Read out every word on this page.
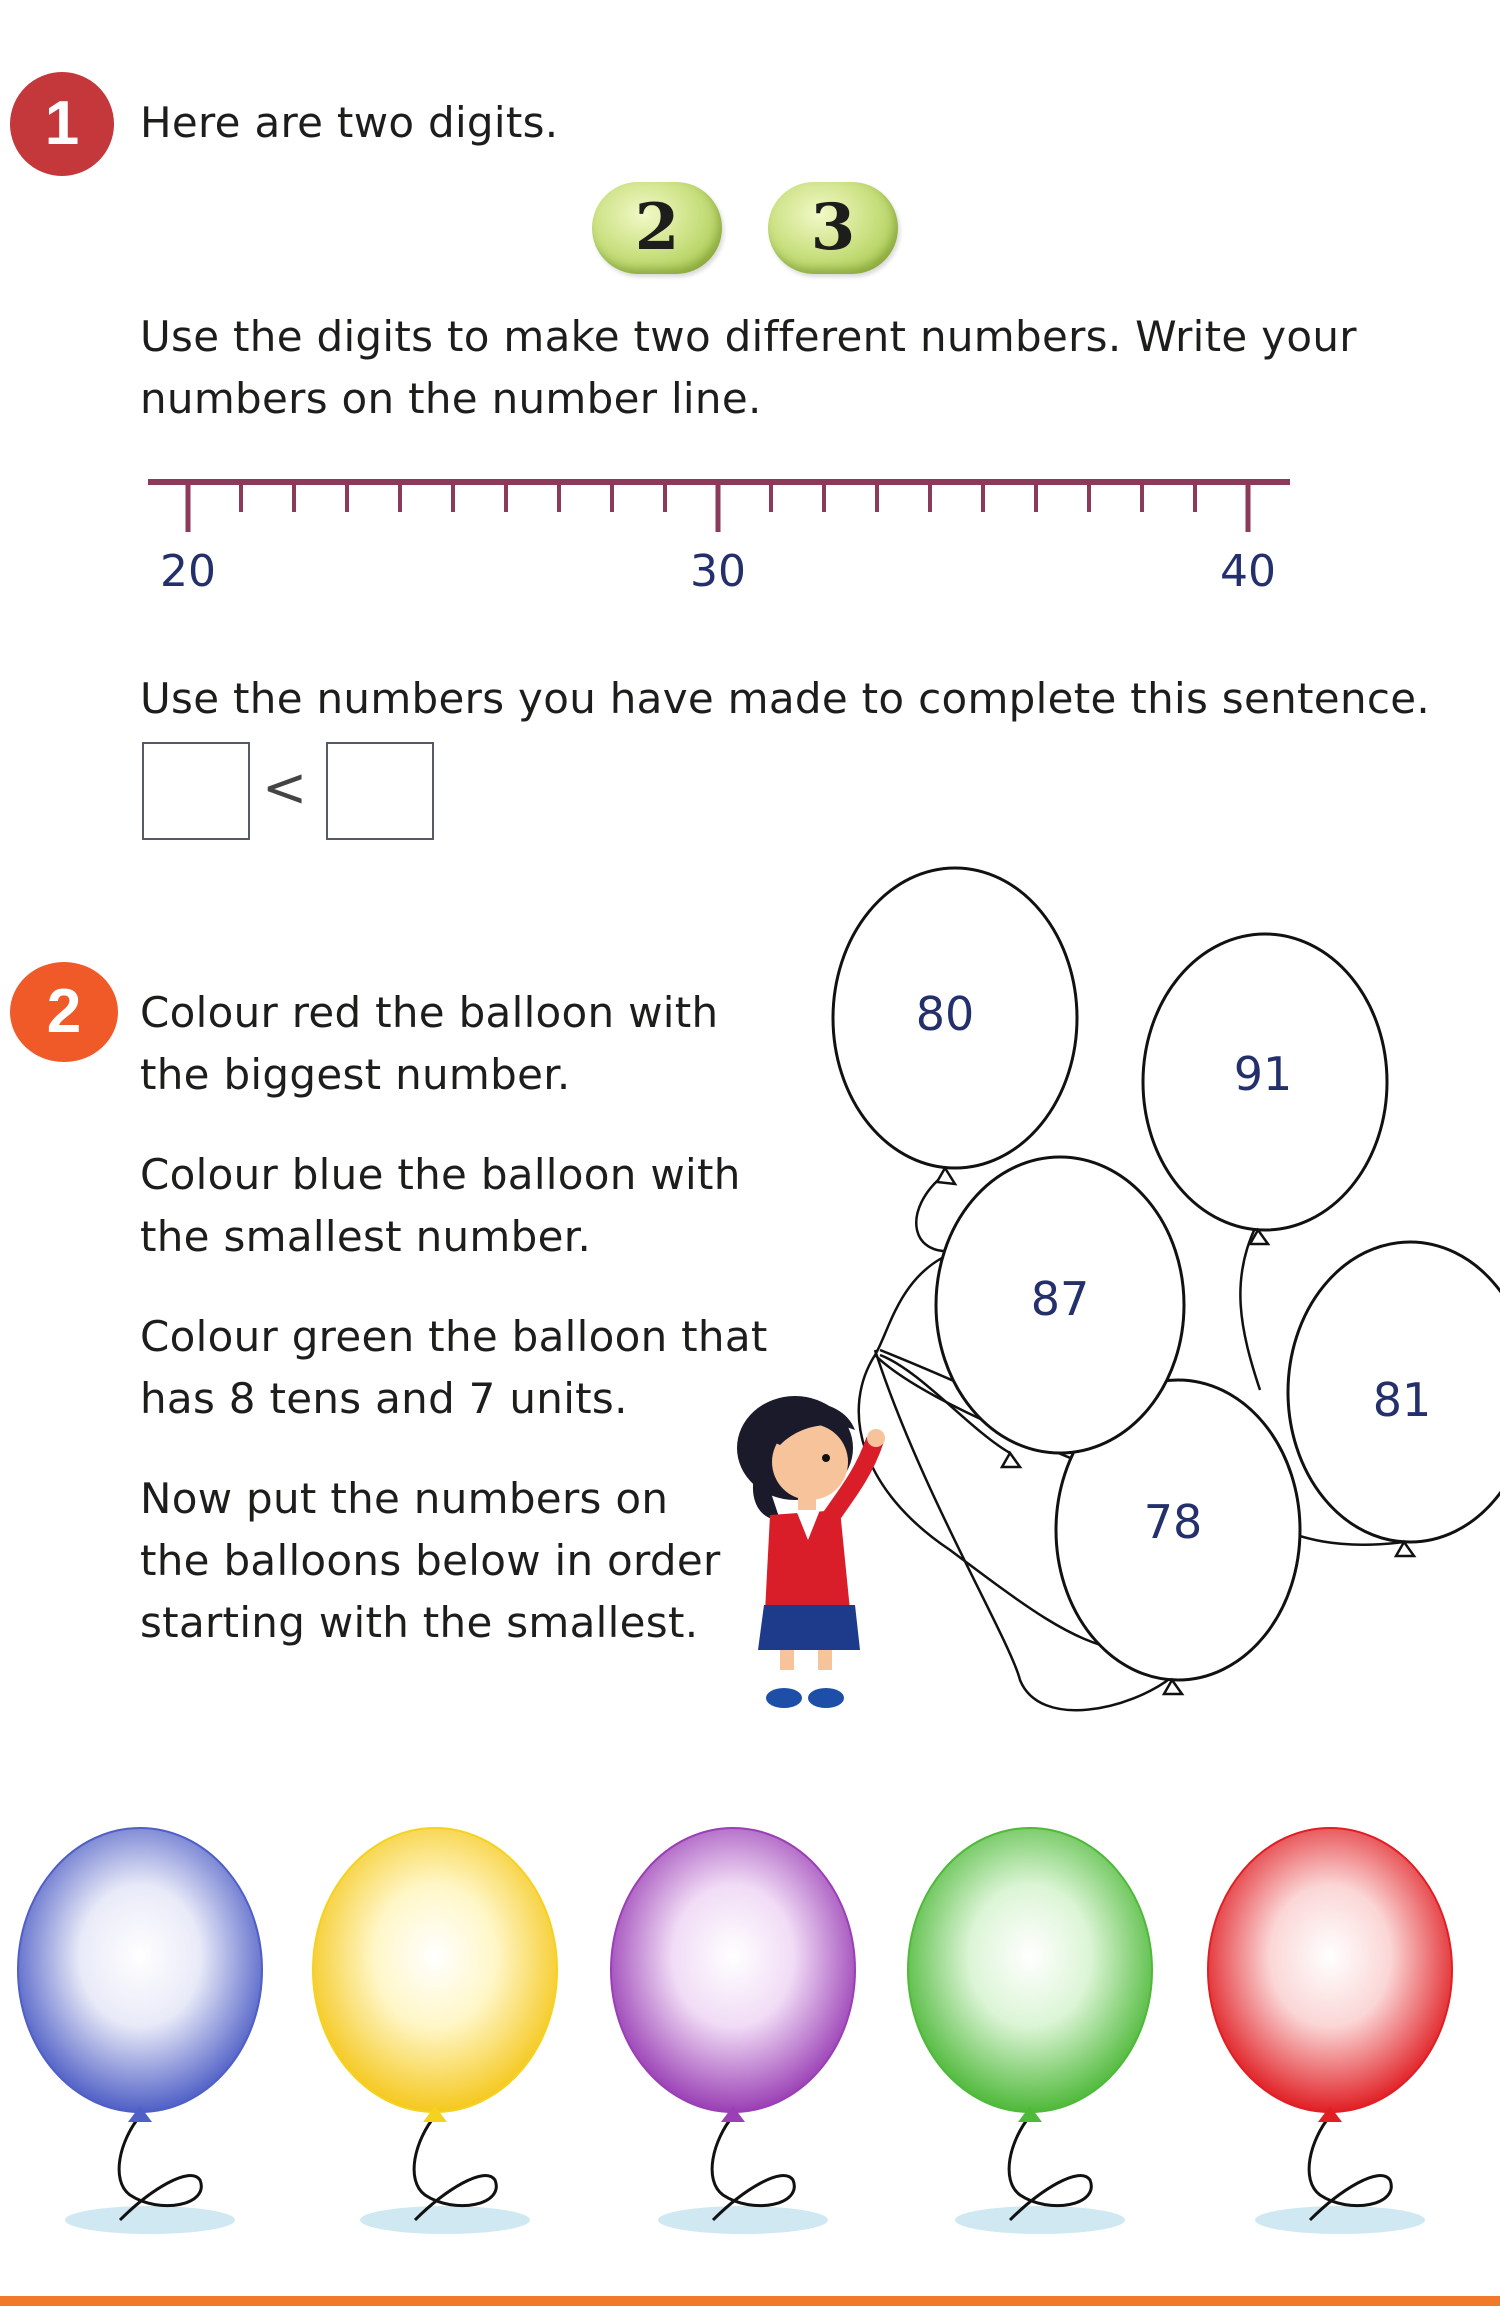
1	Here are two digits.
2	3
Use the digits to make two different numbers. Write your
numbers on the number line.
20	30	40
Use the numbers you have made to complete this sentence.
<
2	Colour red the balloon with
the biggest number.
Colour blue the balloon with
the smallest number.
Colour green the balloon that
has 8 tens and 7 units.
Now put the numbers on
the balloons below in order
starting with the smallest.
80
91
81
78
87
